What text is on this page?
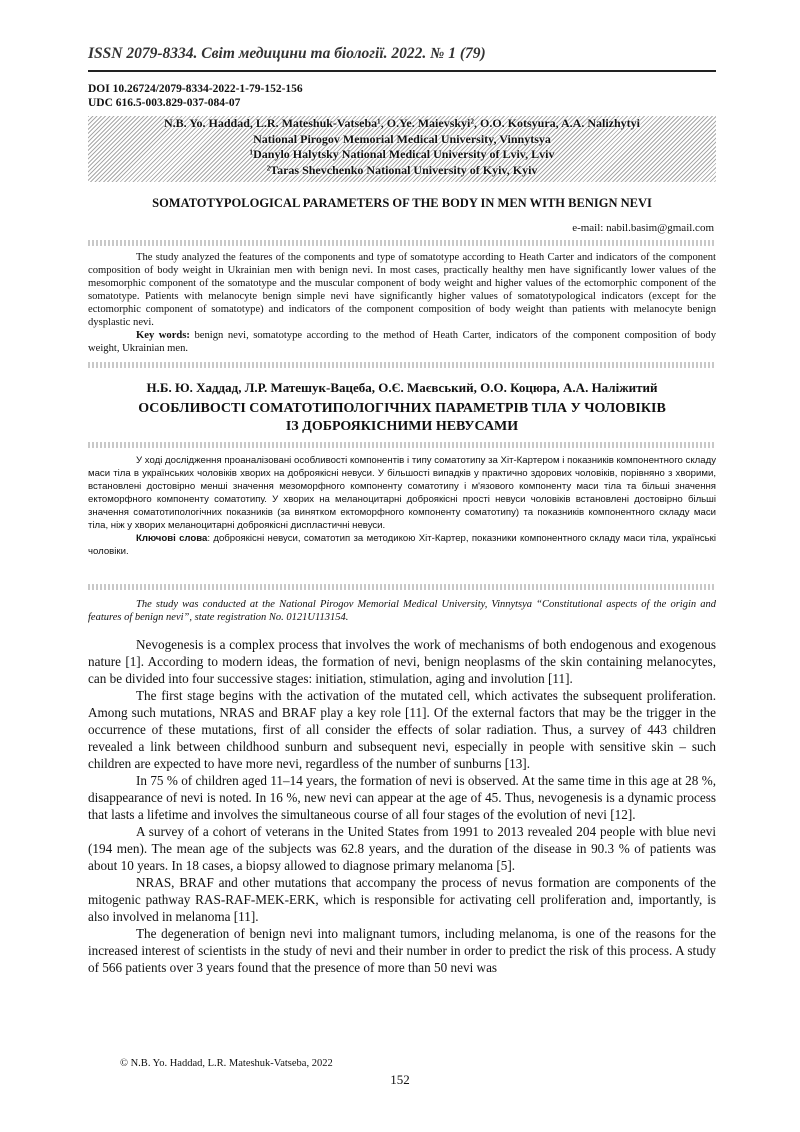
ISSN 2079-8334. Світ медицини та біології. 2022. № 1 (79)
DOI 10.26724/2079-8334-2022-1-79-152-156
UDC 616.5-003.829-037-084-07
N.B. Yo. Haddad, L.R. Mateshuk-Vatseba¹, O.Ye. Maievskyi², O.O. Kotsyura, A.A. Nalizhytyi
National Pirogov Memorial Medical University, Vinnytsya
¹Danylo Halytsky National Medical University of Lviv, Lviv
²Taras Shevchenko National University of Kyiv, Kyiv
SOMATOTYPOLOGICAL PARAMETERS OF THE BODY IN MEN WITH BENIGN NEVI
e-mail: nabil.basim@gmail.com

The study analyzed the features of the components and type of somatotype according to Heath Carter and indicators of the component composition of body weight in Ukrainian men with benign nevi. In most cases, practically healthy men have significantly lower values of the mesomorphic component of the somatotype and the muscular component of body weight and higher values of the ectomorphic component of the somatotype. Patients with melanocyte benign simple nevi have significantly higher values of somatotypological indicators (except for the ectomorphic component of somatotype) and indicators of the component composition of body weight than patients with melanocyte benign dysplastic nevi.

Key words: benign nevi, somatotype according to the method of Heath Carter, indicators of the component composition of body weight, Ukrainian men.

Н.Б. Ю. Хаддад, Л.Р. Матешук-Вацеба, О.Є. Маєвський, О.О. Коцюра, А.А. Наліжитий
ОСОБЛИВОСТІ СОМАТОТИПОЛОГІЧНИХ ПАРАМЕТРІВ ТІЛА У ЧОЛОВІКІВ
ІЗ ДОБРОЯКІСНИМИ НЕВУСАМИ

У ході дослідження проаналізовані особливості компонентів і типу соматотипу за Хіт-Картером і показників компонентного складу маси тіла в українських чоловіків хворих на доброякісні невуси. У більшості випадків у практично здорових чоловіків, порівняно з хворими, встановлені достовірно менші значення мезоморфного компоненту соматотипу і м'язового компоненту маси тіла та більші значення ектоморфного компоненту соматотипу. У хворих на меланоцитарні доброякісні прості невуси чоловіків встановлені достовірно більші значення соматотипологічних показників (за винятком ектоморфного компоненту соматотипу) та показників компонентного складу маси тіла, ніж у хворих меланоцитарні доброякісні диспластичні невуси.

Ключові слова: доброякісні невуси, соматотип за методикою Хіт-Картер, показники компонентного складу маси тіла, українські чоловіки.

The study was conducted at the National Pirogov Memorial Medical University, Vinnytsya “Constitutional aspects of the origin and features of benign nevi”, state registration No. 0121U113154.

Nevogenesis is a complex process that involves the work of mechanisms of both endogenous and exogenous nature [1]. According to modern ideas, the formation of nevi, benign neoplasms of the skin containing melanocytes, can be divided into four successive stages: initiation, stimulation, aging and involution [11].

The first stage begins with the activation of the mutated cell, which activates the subsequent proliferation. Among such mutations, NRAS and BRAF play a key role [11]. Of the external factors that may be the trigger in the occurrence of these mutations, first of all consider the effects of solar radiation. Thus, a survey of 443 children revealed a link between childhood sunburn and subsequent nevi, especially in people with sensitive skin – such children are expected to have more nevi, regardless of the number of sunburns [13].

In 75 % of children aged 11–14 years, the formation of nevi is observed. At the same time in this age at 28 %, disappearance of nevi is noted. In 16 %, new nevi can appear at the age of 45. Thus, nevogenesis is a dynamic process that lasts a lifetime and involves the simultaneous course of all four stages of the evolution of nevi [12].

A survey of a cohort of veterans in the United States from 1991 to 2013 revealed 204 people with blue nevi (194 men). The mean age of the subjects was 62.8 years, and the duration of the disease in 90.3 % of patients was about 10 years. In 18 cases, a biopsy allowed to diagnose primary melanoma [5].

NRAS, BRAF and other mutations that accompany the process of nevus formation are components of the mitogenic pathway RAS-RAF-MEK-ERK, which is responsible for activating cell proliferation and, importantly, is also involved in melanoma [11].

The degeneration of benign nevi into malignant tumors, including melanoma, is one of the reasons for the increased interest of scientists in the study of nevi and their number in order to predict the risk of this process. A study of 566 patients over 3 years found that the presence of more than 50 nevi was

© N.B. Yo. Haddad, L.R. Mateshuk-Vatseba, 2022
152
